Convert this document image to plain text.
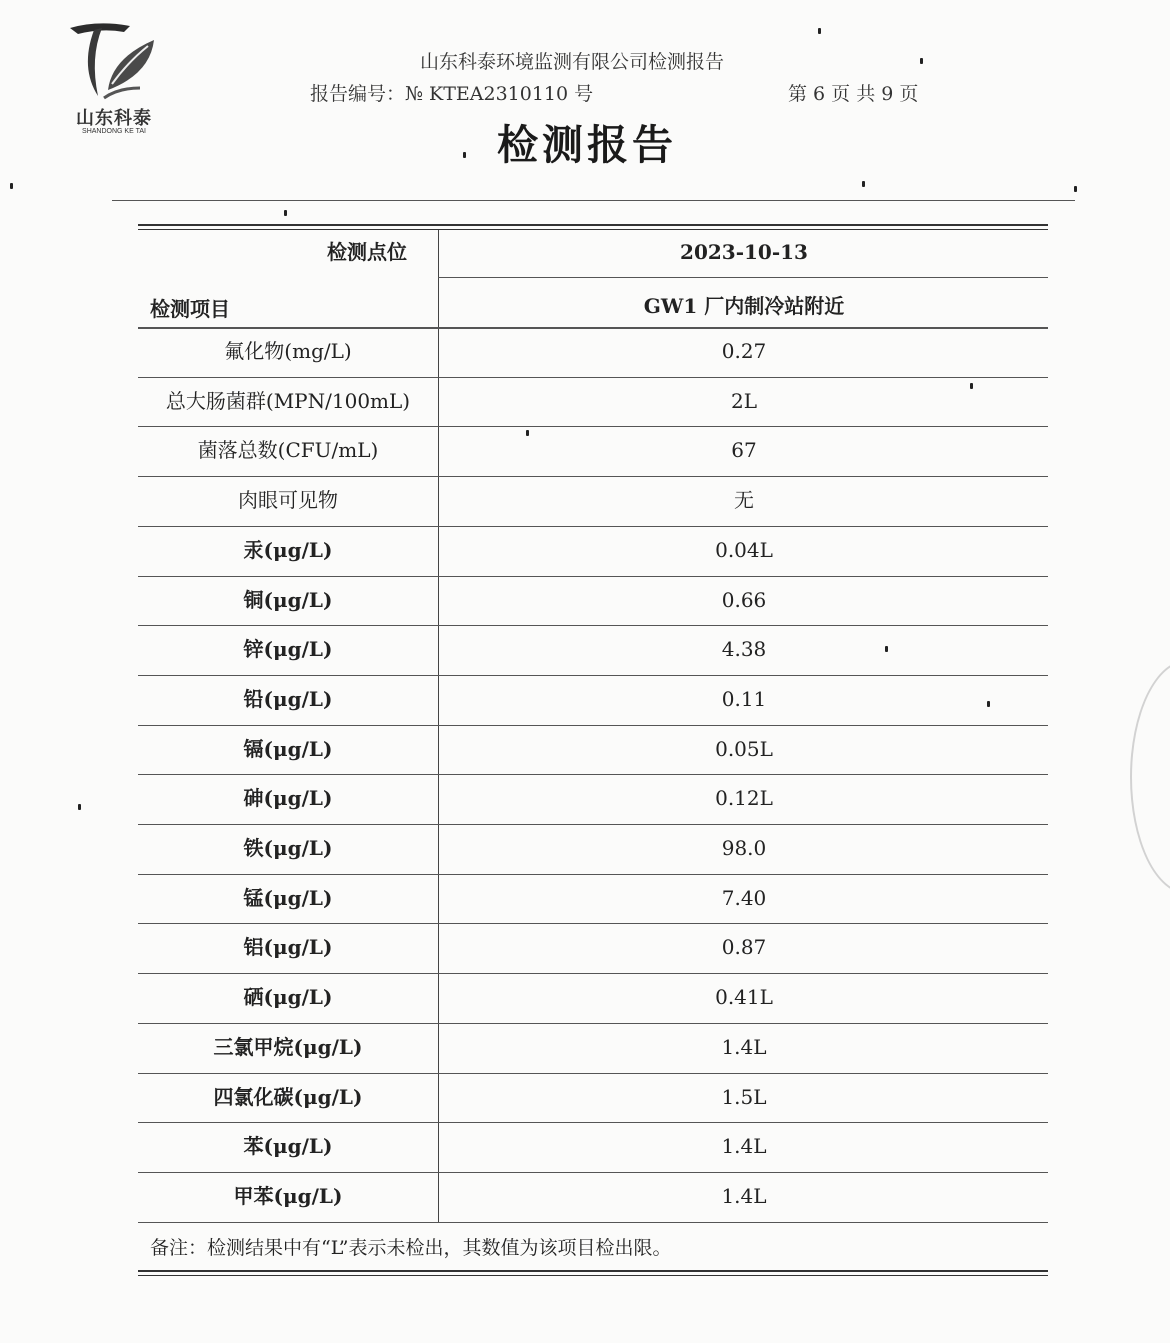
山东科泰
SHANDONG KE TAI
山东科泰环境监测有限公司检测报告
报告编号：№ KTEA2310110 号	第 6 页 共 9 页
检测报告
检测点位	2023-10-13
检测项目	GW1 厂内制冷站附近
氟化物(mg/L)	0.27
总大肠菌群(MPN/100mL)	2L
菌落总数(CFU/mL)	67
肉眼可见物	无
汞(μg/L)	0.04L
铜(μg/L)	0.66
锌(μg/L)	4.38
铅(μg/L)	0.11
镉(μg/L)	0.05L
砷(μg/L)	0.12L
铁(μg/L)	98.0
锰(μg/L)	7.40
铝(μg/L)	0.87
硒(μg/L)	0.41L
三氯甲烷(μg/L)	1.4L
四氯化碳(μg/L)	1.5L
苯(μg/L)	1.4L
甲苯(μg/L)	1.4L
备注：检测结果中有“L”表示未检出，其数值为该项目检出限。
